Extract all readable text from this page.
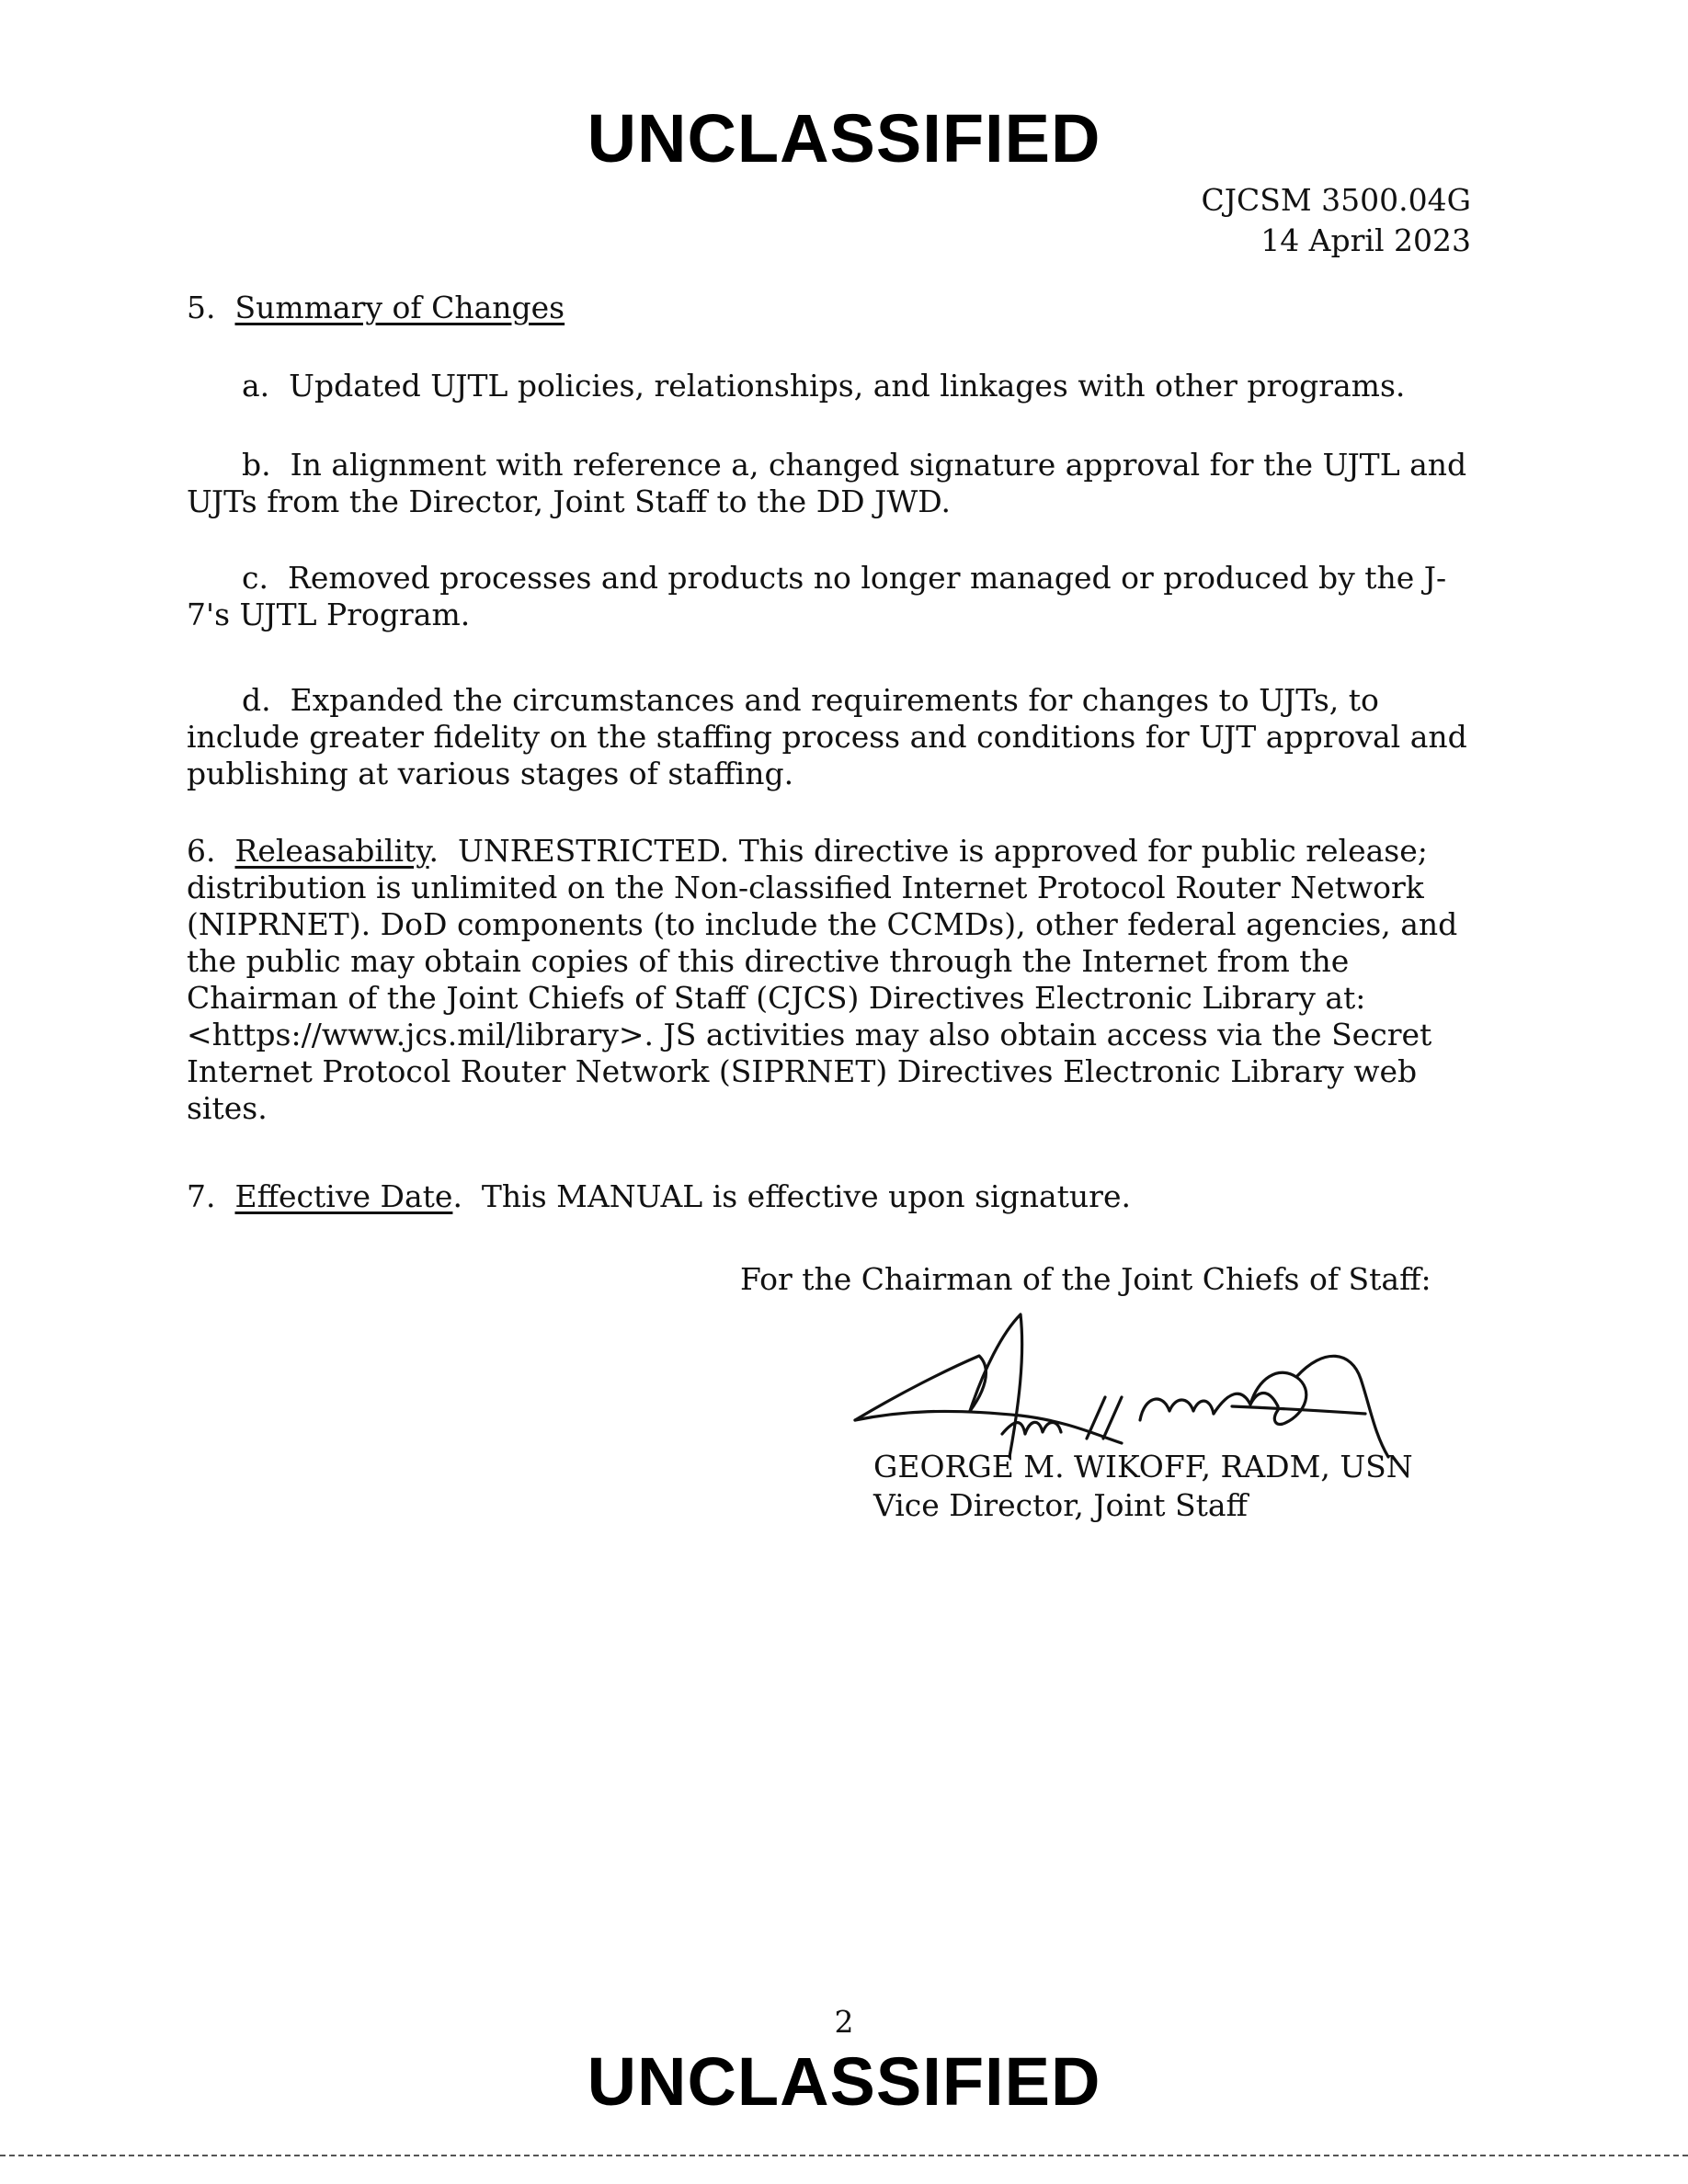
UNCLASSIFIED
CJCSM 3500.04G
14 April 2023
5. Summary of Changes
a. Updated UJTL policies, relationships, and linkages with other programs.
b. In alignment with reference a, changed signature approval for the UJTL and UJTs from the Director, Joint Staff to the DD JWD.
c. Removed processes and products no longer managed or produced by the J-7's UJTL Program.
d. Expanded the circumstances and requirements for changes to UJTs, to include greater fidelity on the staffing process and conditions for UJT approval and publishing at various stages of staffing.
6. Releasability.  UNRESTRICTED. This directive is approved for public release; distribution is unlimited on the Non-classified Internet Protocol Router Network (NIPRNET). DoD components (to include the CCMDs), other federal agencies, and the public may obtain copies of this directive through the Internet from the Chairman of the Joint Chiefs of Staff (CJCS) Directives Electronic Library at: <https://www.jcs.mil/library>. JS activities may also obtain access via the Secret Internet Protocol Router Network (SIPRNET) Directives Electronic Library web sites.
7. Effective Date.  This MANUAL is effective upon signature.
For the Chairman of the Joint Chiefs of Staff:
GEORGE M. WIKOFF, RADM, USN
Vice Director, Joint Staff
2
UNCLASSIFIED
